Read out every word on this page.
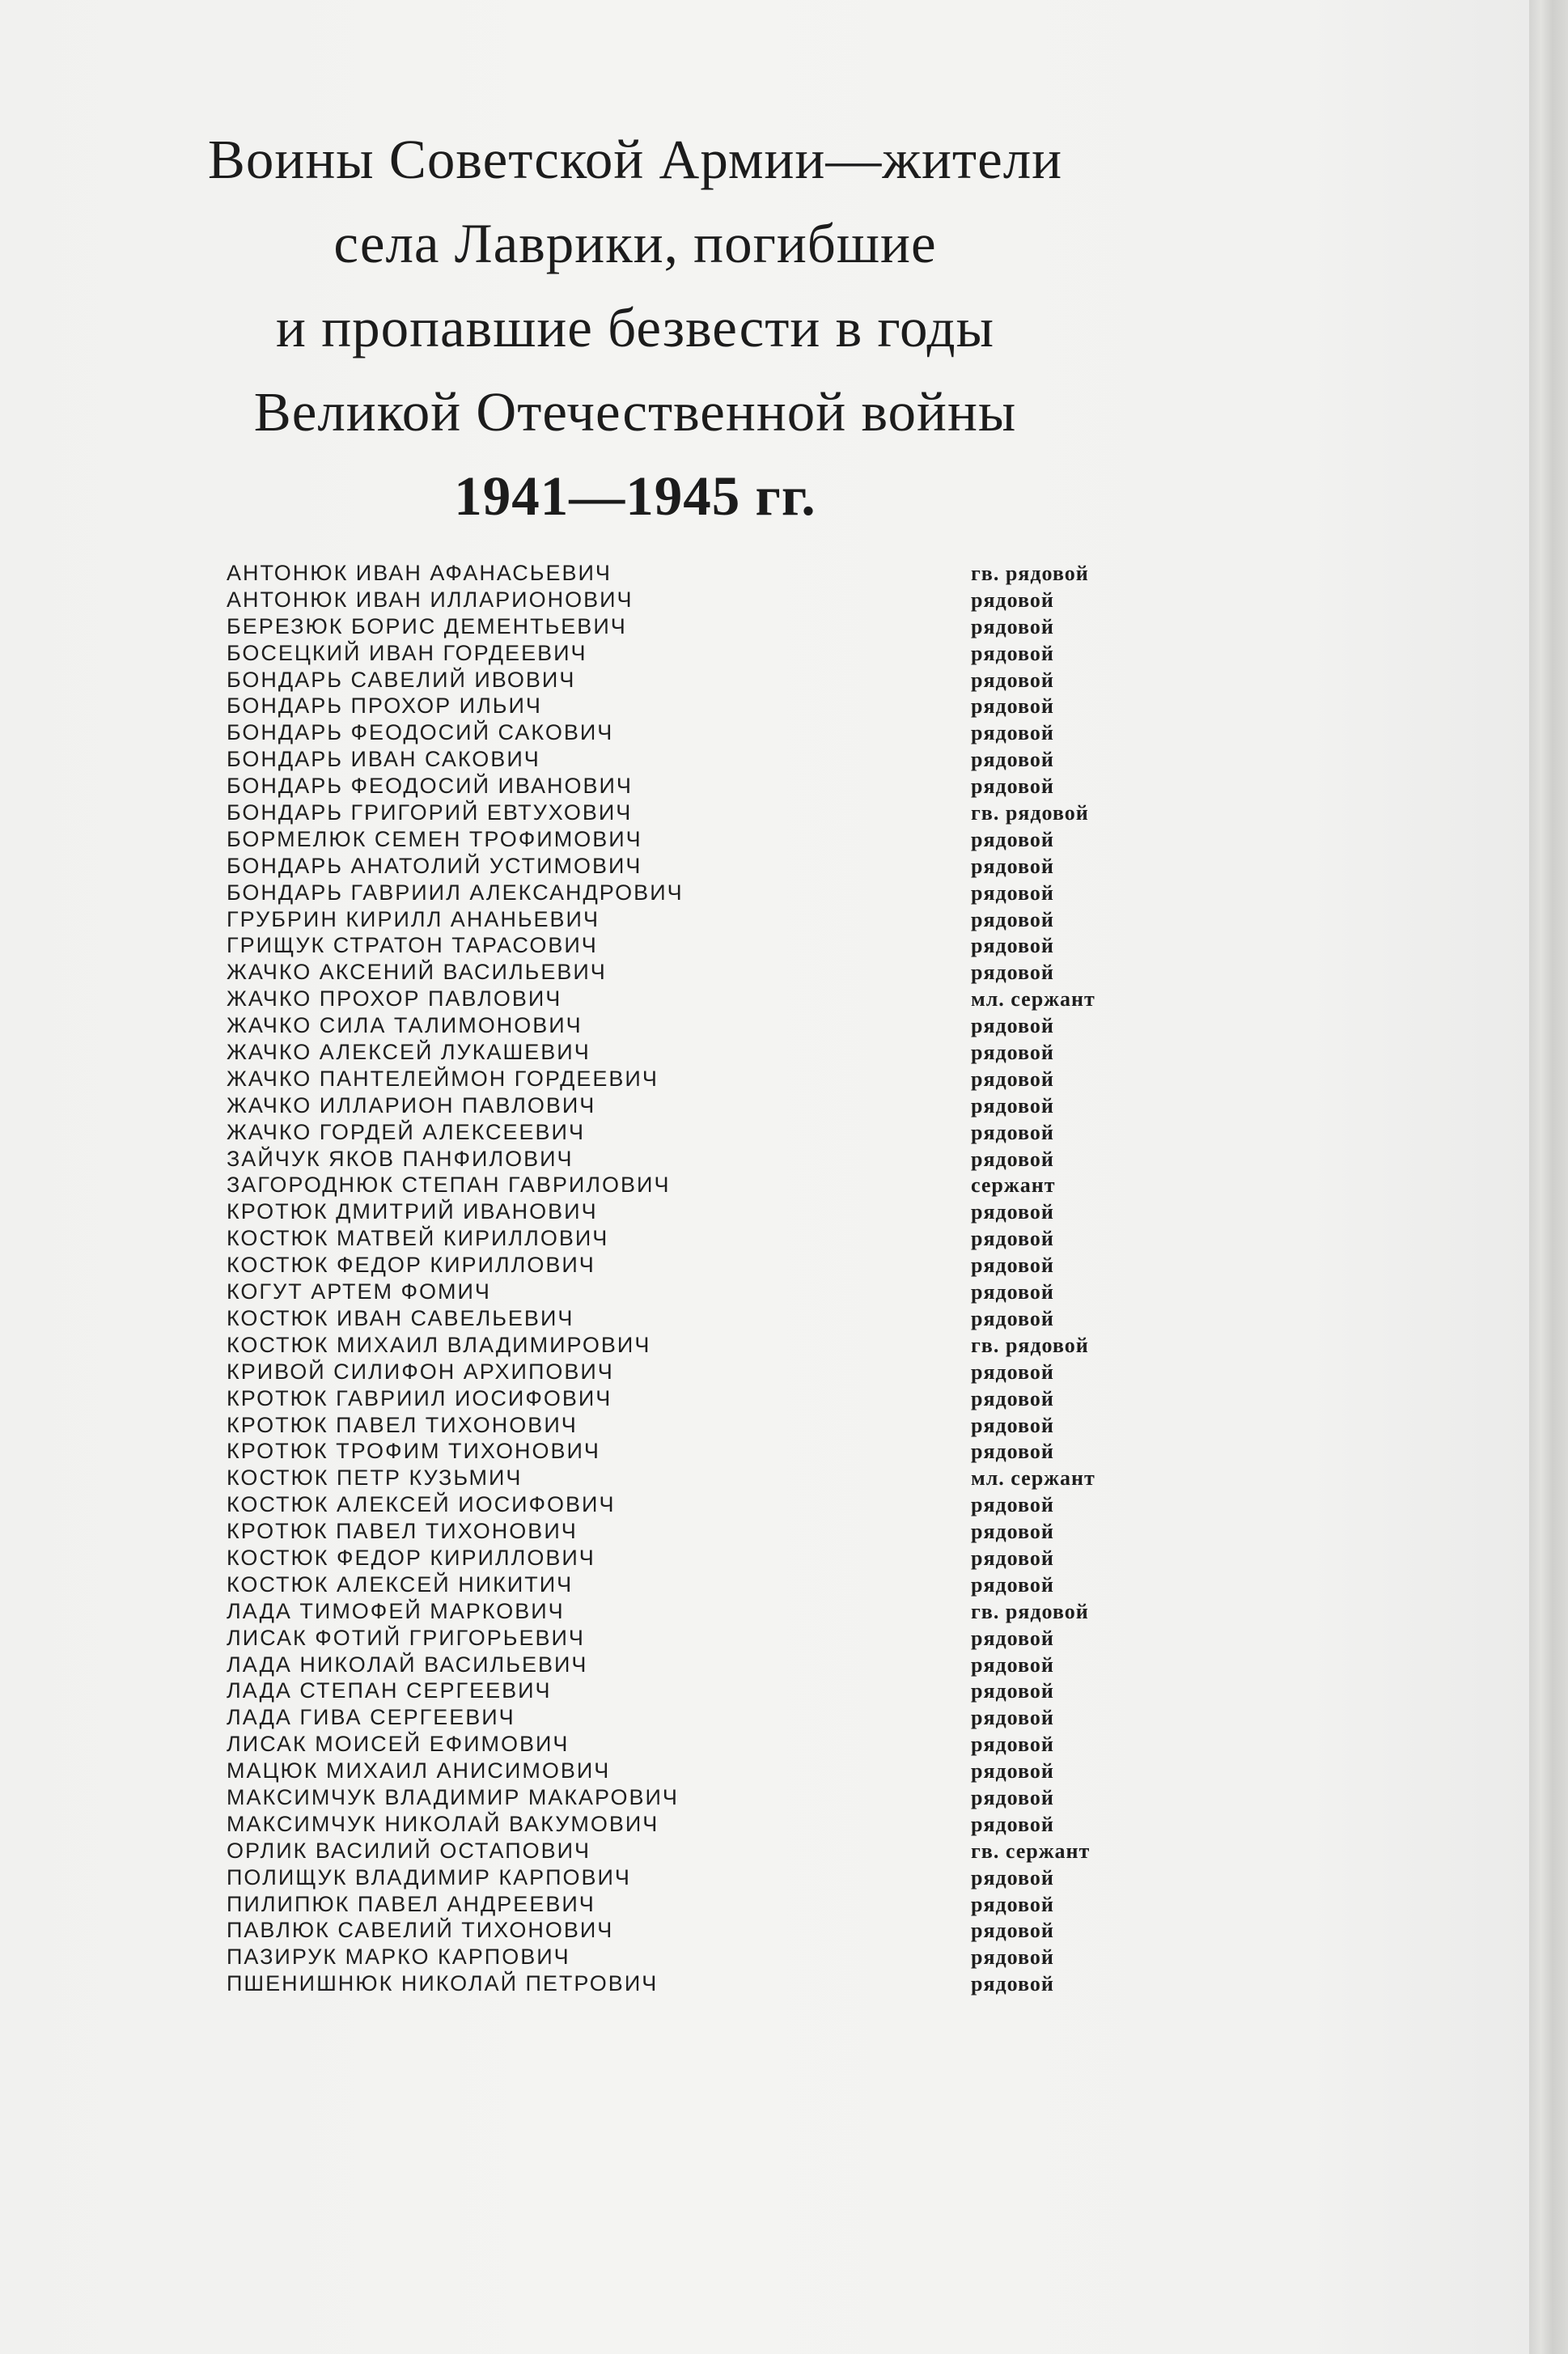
Воины Советской Армии—жители
села Лаврики, погибшие
и пропавшие безвести в годы
Великой Отечественной войны
1941—1945 гг.
АНТОНЮК ИВАН АФАНАСЬЕВИЧ	гв. рядовой
АНТОНЮК ИВАН ИЛЛАРИОНОВИЧ	рядовой
БЕРЕЗЮК БОРИС ДЕМЕНТЬЕВИЧ	рядовой
БОСЕЦКИЙ ИВАН ГОРДЕЕВИЧ	рядовой
БОНДАРЬ САВЕЛИЙ ИВОВИЧ	рядовой
БОНДАРЬ ПРОХОР ИЛЬИЧ	рядовой
БОНДАРЬ ФЕОДОСИЙ САКОВИЧ	рядовой
БОНДАРЬ ИВАН САКОВИЧ	рядовой
БОНДАРЬ ФЕОДОСИЙ ИВАНОВИЧ	рядовой
БОНДАРЬ ГРИГОРИЙ ЕВТУХОВИЧ	гв. рядовой
БОРМЕЛЮК СЕМЕН ТРОФИМОВИЧ	рядовой
БОНДАРЬ АНАТОЛИЙ УСТИМОВИЧ	рядовой
БОНДАРЬ ГАВРИИЛ АЛЕКСАНДРОВИЧ	рядовой
ГРУБРИН КИРИЛЛ АНАНЬЕВИЧ	рядовой
ГРИЩУК СТРАТОН ТАРАСОВИЧ	рядовой
ЖАЧКО АКСЕНИЙ ВАСИЛЬЕВИЧ	рядовой
ЖАЧКО ПРОХОР ПАВЛОВИЧ	мл. сержант
ЖАЧКО СИЛА ТАЛИМОНОВИЧ	рядовой
ЖАЧКО АЛЕКСЕЙ ЛУКАШЕВИЧ	рядовой
ЖАЧКО ПАНТЕЛЕЙМОН ГОРДЕЕВИЧ	рядовой
ЖАЧКО ИЛЛАРИОН ПАВЛОВИЧ	рядовой
ЖАЧКО ГОРДЕЙ АЛЕКСЕЕВИЧ	рядовой
ЗАЙЧУК ЯКОВ ПАНФИЛОВИЧ	рядовой
ЗАГОРОДНЮК СТЕПАН ГАВРИЛОВИЧ	сержант
КРОТЮК ДМИТРИЙ ИВАНОВИЧ	рядовой
КОСТЮК МАТВЕЙ КИРИЛЛОВИЧ	рядовой
КОСТЮК ФЕДОР КИРИЛЛОВИЧ	рядовой
КОГУТ АРТЕМ ФОМИЧ	рядовой
КОСТЮК ИВАН САВЕЛЬЕВИЧ	рядовой
КОСТЮК МИХАИЛ ВЛАДИМИРОВИЧ	гв. рядовой
КРИВОЙ СИЛИФОН АРХИПОВИЧ	рядовой
КРОТЮК ГАВРИИЛ ИОСИФОВИЧ	рядовой
КРОТЮК ПАВЕЛ ТИХОНОВИЧ	рядовой
КРОТЮК ТРОФИМ ТИХОНОВИЧ	рядовой
КОСТЮК ПЕТР КУЗЬМИЧ	мл. сержант
КОСТЮК АЛЕКСЕЙ ИОСИФОВИЧ	рядовой
КРОТЮК ПАВЕЛ ТИХОНОВИЧ	рядовой
КОСТЮК ФЕДОР КИРИЛЛОВИЧ	рядовой
КОСТЮК АЛЕКСЕЙ НИКИТИЧ	рядовой
ЛАДА ТИМОФЕЙ МАРКОВИЧ	гв. рядовой
ЛИСАК ФОТИЙ ГРИГОРЬЕВИЧ	рядовой
ЛАДА НИКОЛАЙ ВАСИЛЬЕВИЧ	рядовой
ЛАДА СТЕПАН СЕРГЕЕВИЧ	рядовой
ЛАДА ГИВА СЕРГЕЕВИЧ	рядовой
ЛИСАК МОИСЕЙ ЕФИМОВИЧ	рядовой
МАЦЮК МИХАИЛ АНИСИМОВИЧ	рядовой
МАКСИМЧУК ВЛАДИМИР МАКАРОВИЧ	рядовой
МАКСИМЧУК НИКОЛАЙ ВАКУМОВИЧ	рядовой
ОРЛИК ВАСИЛИЙ ОСТАПОВИЧ	гв. сержант
ПОЛИЩУК ВЛАДИМИР КАРПОВИЧ	рядовой
ПИЛИПЮК ПАВЕЛ АНДРЕЕВИЧ	рядовой
ПАВЛЮК САВЕЛИЙ ТИХОНОВИЧ	рядовой
ПАЗИРУК МАРКО КАРПОВИЧ	рядовой
ПШЕНИШНЮК НИКОЛАЙ ПЕТРОВИЧ	рядовой
